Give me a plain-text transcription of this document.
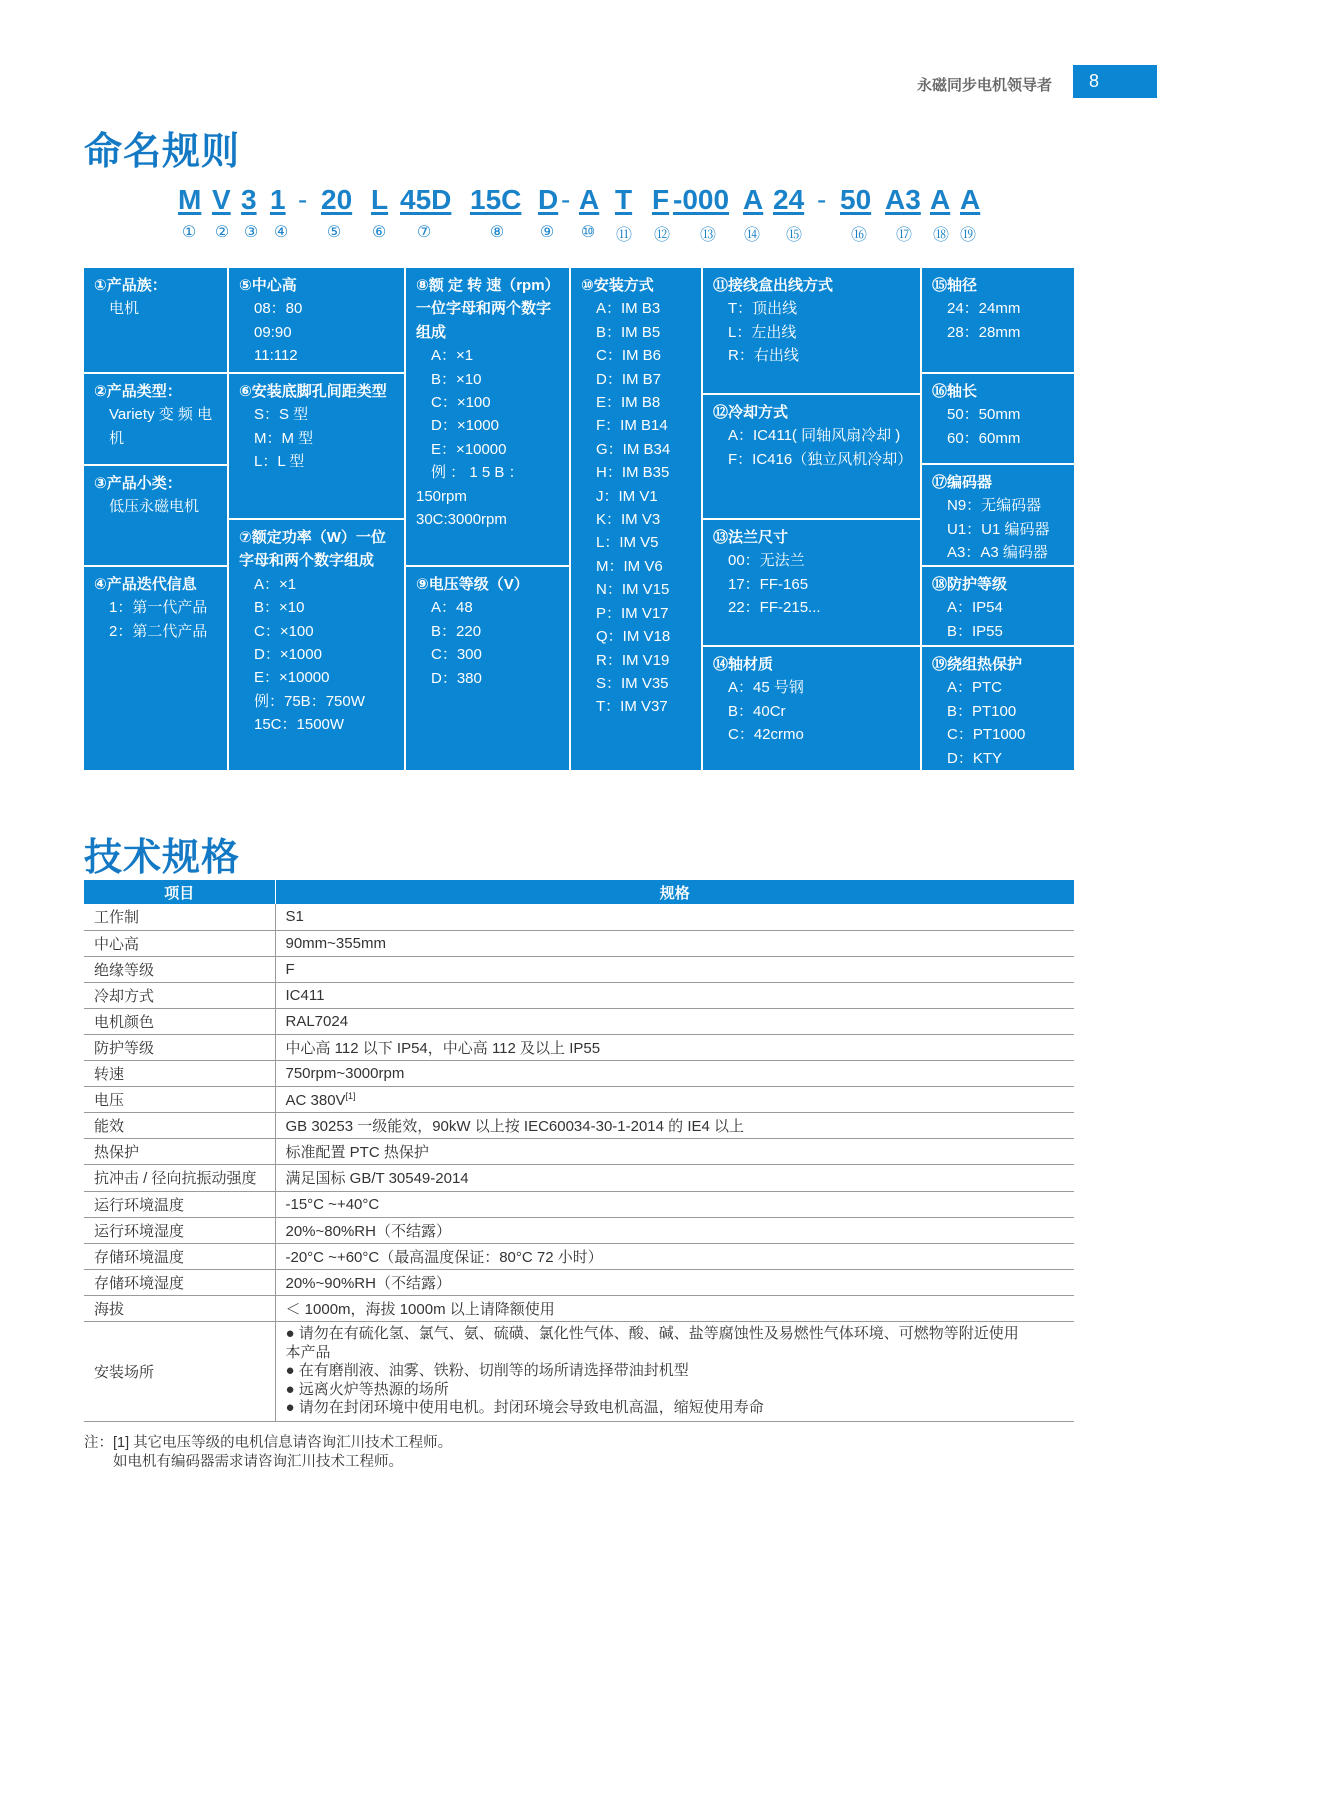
永磁同步电机领导者	8
命名规则
M V 3 1 - 20 L 45D 15C D - A T F -000 A 24 - 50 A3 A A
① ② ③ ④ ⑤ ⑥ ⑦	⑧ ⑨ ⑩ ⑪ ⑫ ⑬ ⑭ ⑮	⑯ ⑰ ⑱ ⑲
①产品族：
电机
②产品类型：
Variety 变 频 电
机
③产品小类：
低压永磁电机
④产品迭代信息
1：第一代产品
2：第二代产品
⑤中心高
08：80
09:90
11:112
⑥安装底脚孔间距类型
S：S 型
M：M 型
L：L 型
⑦额定功率（W）一位
字母和两个数字组成
A：×1
B：×10
C：×100
D：×1000
E：×10000
例：75B：750W
15C：1500W
⑧额 定 转 速（rpm）
一位字母和两个数字
组成
A：×1
B：×10
C：×100
D：×1000
E：×10000
例 ： 1 5 B ：
150rpm
30C:3000rpm
⑨电压等级（V）
A：48
B：220
C：300
D：380
⑩安装方式
A：IM B3
B：IM B5
C：IM B6
D：IM B7
E：IM B8
F：IM B14
G：IM B34
H：IM B35
J：IM V1
K：IM V3
L：IM V5
M：IM V6
N：IM V15
P：IM V17
Q：IM V18
R：IM V19
S：IM V35
T：IM V37
⑪接线盒出线方式
T：顶出线
L：左出线
R：右出线
⑫冷却方式
A：IC411( 同轴风扇冷却 )
F：IC416（独立风机冷却）
⑬法兰尺寸
00：无法兰
17：FF-165
22：FF-215...
⑭轴材质
A：45 号钢
B：40Cr
C：42crmo
⑮轴径
24：24mm
28：28mm
⑯轴长
50：50mm
60：60mm
⑰编码器
N9：无编码器
U1：U1 编码器
A3：A3 编码器
⑱防护等级
A：IP54
B：IP55
⑲绕组热保护
A：PTC
B：PT100
C：PT1000
D：KTY
技术规格
项目	规格
工作制	S1
中心高	90mm~355mm
绝缘等级	F
冷却方式	IC411
电机颜色	RAL7024
防护等级	中心高 112 以下 IP54，中心高 112 及以上 IP55
转速	750rpm~3000rpm
电压	AC 380V[1]
能效	GB 30253 一级能效，90kW 以上按 IEC60034-30-1-2014 的 IE4 以上
热保护	标准配置 PTC 热保护
抗冲击 / 径向抗振动强度	满足国标 GB/T 30549-2014
运行环境温度	-15°C ~+40°C
运行环境湿度	20%~80%RH（不结露）
存储环境温度	-20°C ~+60°C（最高温度保证：80°C 72 小时）
存储环境湿度	20%~90%RH（不结露）
海拔	＜ 1000m，海拔 1000m 以上请降额使用
安装场所	● 请勿在有硫化氢、氯气、氨、硫磺、氯化性气体、酸、碱、盐等腐蚀性及易燃性气体环境、可燃物等附近使用
本产品
● 在有磨削液、油雾、铁粉、切削等的场所请选择带油封机型
● 远离火炉等热源的场所
● 请勿在封闭环境中使用电机。封闭环境会导致电机高温，缩短使用寿命
注：[1] 其它电压等级的电机信息请咨询汇川技术工程师。
如电机有编码器需求请咨询汇川技术工程师。
